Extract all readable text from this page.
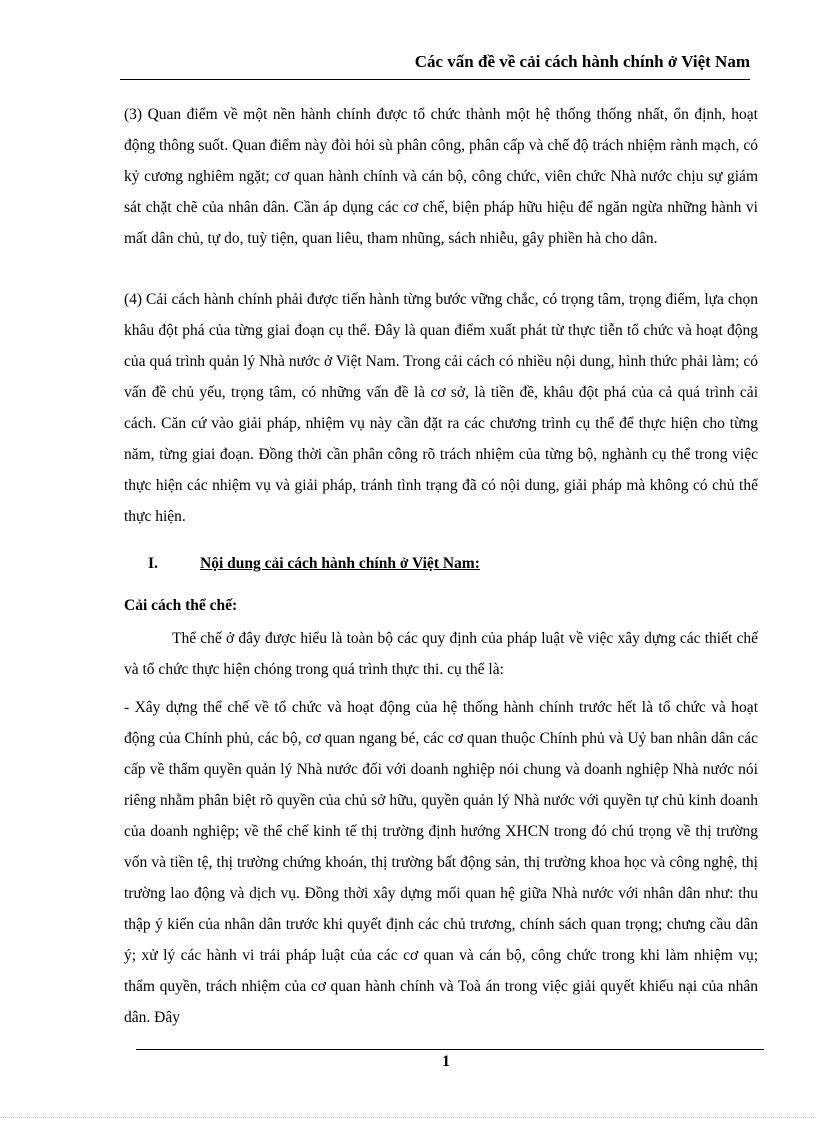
Các vấn đề về cải cách hành chính ở Việt Nam

(3) Quan điểm về một nền hành chính được tổ chức thành một hệ thống thống nhất, ổn định, hoạt động thông suốt. Quan điểm này đòi hỏi sù phân công, phân cấp và chế độ trách nhiệm rành mạch, có kỷ cương nghiêm ngặt; cơ quan hành chính và cán bộ, công chức, viên chức Nhà nước chịu sự giám sát chặt chẽ của nhân dân. Cần áp dụng các cơ chế, biện pháp hữu hiệu để ngăn ngừa những hành vi mất dân chủ, tự do, tuỳ tiện, quan liêu, tham nhũng, sách nhiễu, gây phiền hà cho dân.

(4) Cải cách hành chính phải được tiến hành từng bước vững chắc, có trọng tâm, trọng điểm, lựa chọn khâu đột phá của từng giai đoạn cụ thể. Đây là quan điểm xuất phát từ thực tiễn tổ chức và hoạt động của quá trình quản lý Nhà nước ở Việt Nam. Trong cải cách có nhiều nội dung, hình thức phải làm; có vấn đề chủ yếu, trọng tâm, có những vấn đề là cơ sở, là tiền đề, khâu đột phá của cả quá trình cải cách. Căn cứ vào giải pháp, nhiệm vụ này cần đặt ra các chương trình cụ thể để thực hiện cho từng năm, từng giai đoạn. Đồng thời cần phân công rõ trách nhiệm của từng bộ, nghành cụ thể trong việc thực hiện các nhiệm vụ và giải pháp, tránh tình trạng đã có nội dung, giải pháp mà không có chủ thể thực hiện.

I.	Nội dung cải cách hành chính ở Việt Nam:
Cải cách thể chế:

Thể chế ở đây được hiểu là toàn bộ các quy định của pháp luật về việc xây dựng các thiết chế và tổ chức thực hiện chóng trong quá trình thực thi. cụ thể là:

- Xây dựng thể chế về tổ chức và hoạt động của hệ thống hành chính trước hết là tổ chức và hoạt động của Chính phủ, các bộ, cơ quan ngang bé, các cơ quan thuộc Chính phủ và Uỷ ban nhân dân các cấp về thẩm quyền quản lý Nhà nước đối với doanh nghiệp nói chung và doanh nghiệp Nhà nước nói riêng nhằm phân biệt rõ quyền của chủ sở hữu, quyền quản lý Nhà nước với quyền tự chủ kinh doanh của doanh nghiệp; về thể chế kinh tế thị trường định hướng XHCN trong đó chú trọng về thị trường vốn và tiền tệ, thị trường chứng khoán, thị trường bất động sản, thị trường khoa học và công nghệ, thị trường lao động và dịch vụ. Đồng thời xây dựng mối quan hệ giữa Nhà nước với nhân dân như: thu thập ý kiến của nhân dân trước khi quyết định các chủ trương, chính sách quan trọng; chưng cầu dân ý; xử lý các hành vi trái pháp luật của các cơ quan và cán bộ, công chức trong khi làm nhiệm vụ; thẩm quyền, trách nhiệm của cơ quan hành chính và Toà án trong việc giải quyết khiếu nại của nhân dân. Đây

1
